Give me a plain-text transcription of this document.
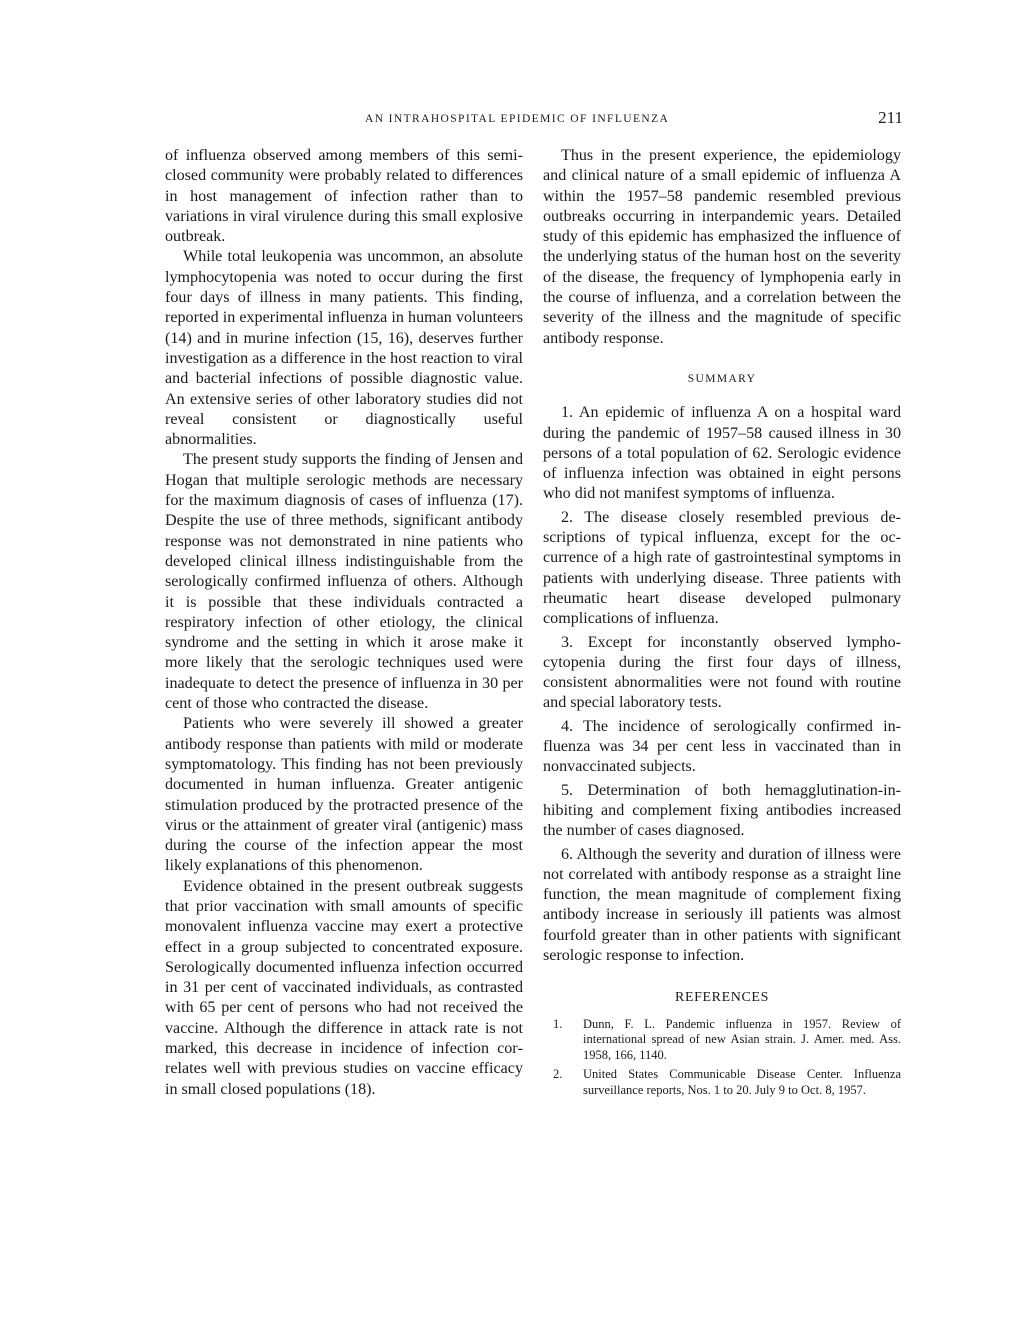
AN INTRAHOSPITAL EPIDEMIC OF INFLUENZA	211

of influenza observed among members of this semiclosed community were probably related to differences in host management of infection rather than to variations in viral virulence during this small explosive outbreak.

While total leukopenia was uncommon, an absolute lymphocytopenia was noted to occur during the first four days of illness in many patients. This finding, reported in experimental influenza in human volunteers (14) and in murine infection (15, 16), deserves further investigation as a difference in the host reaction to viral and bacterial infections of possible diagnostic value. An extensive series of other laboratory studies did not reveal consistent or diagnostically useful abnormalities.

The present study supports the finding of Jensen and Hogan that multiple serologic methods are necessary for the maximum diagnosis of cases of influenza (17). Despite the use of three methods, significant antibody response was not demonstrated in nine patients who developed clinical illness indistinguishable from the serologically confirmed influenza of others. Although it is possible that these individuals contracted a respiratory infection of other etiology, the clinical syndrome and the setting in which it arose make it more likely that the serologic techniques used were inadequate to detect the presence of influenza in 30 per cent of those who contracted the disease.

Patients who were severely ill showed a greater antibody response than patients with mild or moderate symptomatology. This finding has not been previously documented in human influenza. Greater antigenic stimulation produced by the protracted presence of the virus or the attainment of greater viral (antigenic) mass during the course of the infection appear the most likely explanations of this phenomenon.

Evidence obtained in the present outbreak suggests that prior vaccination with small amounts of specific monovalent influenza vaccine may exert a protective effect in a group subjected to concentrated exposure. Serologically documented influenza infection occurred in 31 per cent of vaccinated individuals, as contrasted with 65 per cent of persons who had not received the vaccine. Although the difference in attack rate is not marked, this decrease in incidence of infection correlates well with previous studies on vaccine efficacy in small closed populations (18).

Thus in the present experience, the epidemiology and clinical nature of a small epidemic of influenza A within the 1957–58 pandemic resembled previous outbreaks occurring in interpandemic years. Detailed study of this epidemic has emphasized the influence of the underlying status of the human host on the severity of the disease, the frequency of lymphopenia early in the course of influenza, and a correlation between the severity of the illness and the magnitude of specific antibody response.

SUMMARY

1. An epidemic of influenza A on a hospital ward during the pandemic of 1957–58 caused illness in 30 persons of a total population of 62. Serologic evidence of influenza infection was obtained in eight persons who did not manifest symptoms of influenza.

2. The disease closely resembled previous descriptions of typical influenza, except for the occurrence of a high rate of gastrointestinal symptoms in patients with underlying disease. Three patients with rheumatic heart disease developed pulmonary complications of influenza.

3. Except for inconstantly observed lymphocytopenia during the first four days of illness, consistent abnormalities were not found with routine and special laboratory tests.

4. The incidence of serologically confirmed influenza was 34 per cent less in vaccinated than in nonvaccinated subjects.

5. Determination of both hemagglutination-inhibiting and complement fixing antibodies increased the number of cases diagnosed.

6. Although the severity and duration of illness were not correlated with antibody response as a straight line function, the mean magnitude of complement fixing antibody increase in seriously ill patients was almost fourfold greater than in other patients with significant serologic response to infection.

REFERENCES
1. Dunn, F. L. Pandemic influenza in 1957. Review of international spread of new Asian strain. J. Amer. med. Ass. 1958, 166, 1140.
2. United States Communicable Disease Center. Influenza surveillance reports, Nos. 1 to 20. July 9 to Oct. 8, 1957.
